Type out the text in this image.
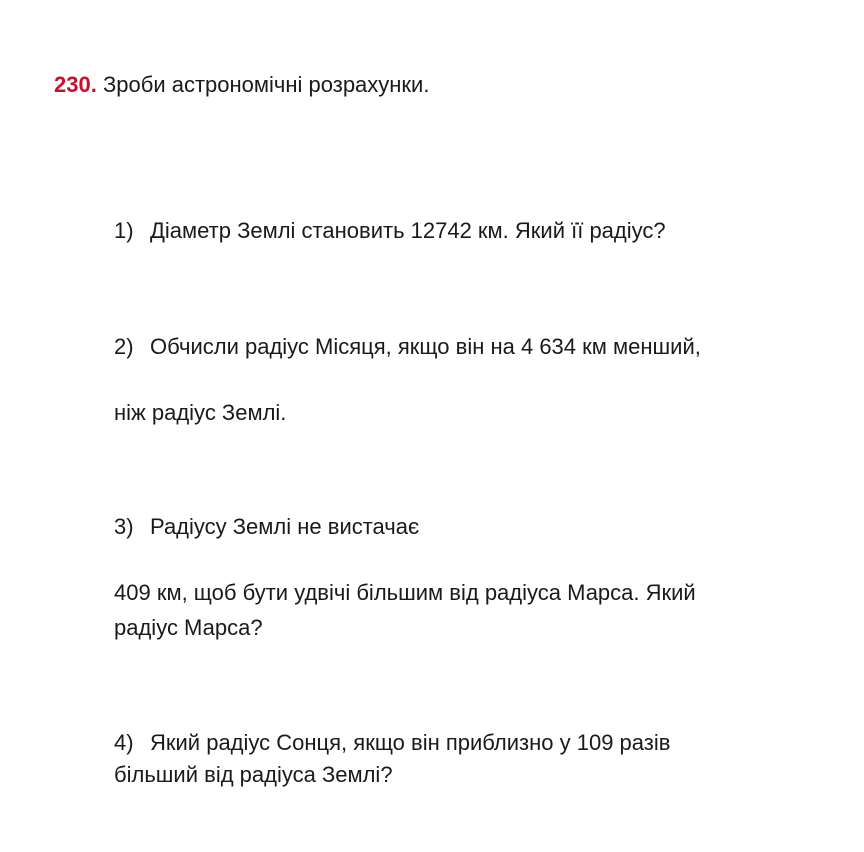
230. Зроби астрономічні розрахунки.
1) Діаметр Землі становить 12742 км. Який її радіус?
2) Обчисли радіус Місяця, якщо він на 4 634 км менший,
ніж радіус Землі.
3) Радіусу Землі не вистачає
409 км, щоб бути удвічі більшим від радіуса Марса. Який
радіус Марса?
4) Який радіус Сонця, якщо він приблизно у 109 разів
більший від радіуса Землі?
